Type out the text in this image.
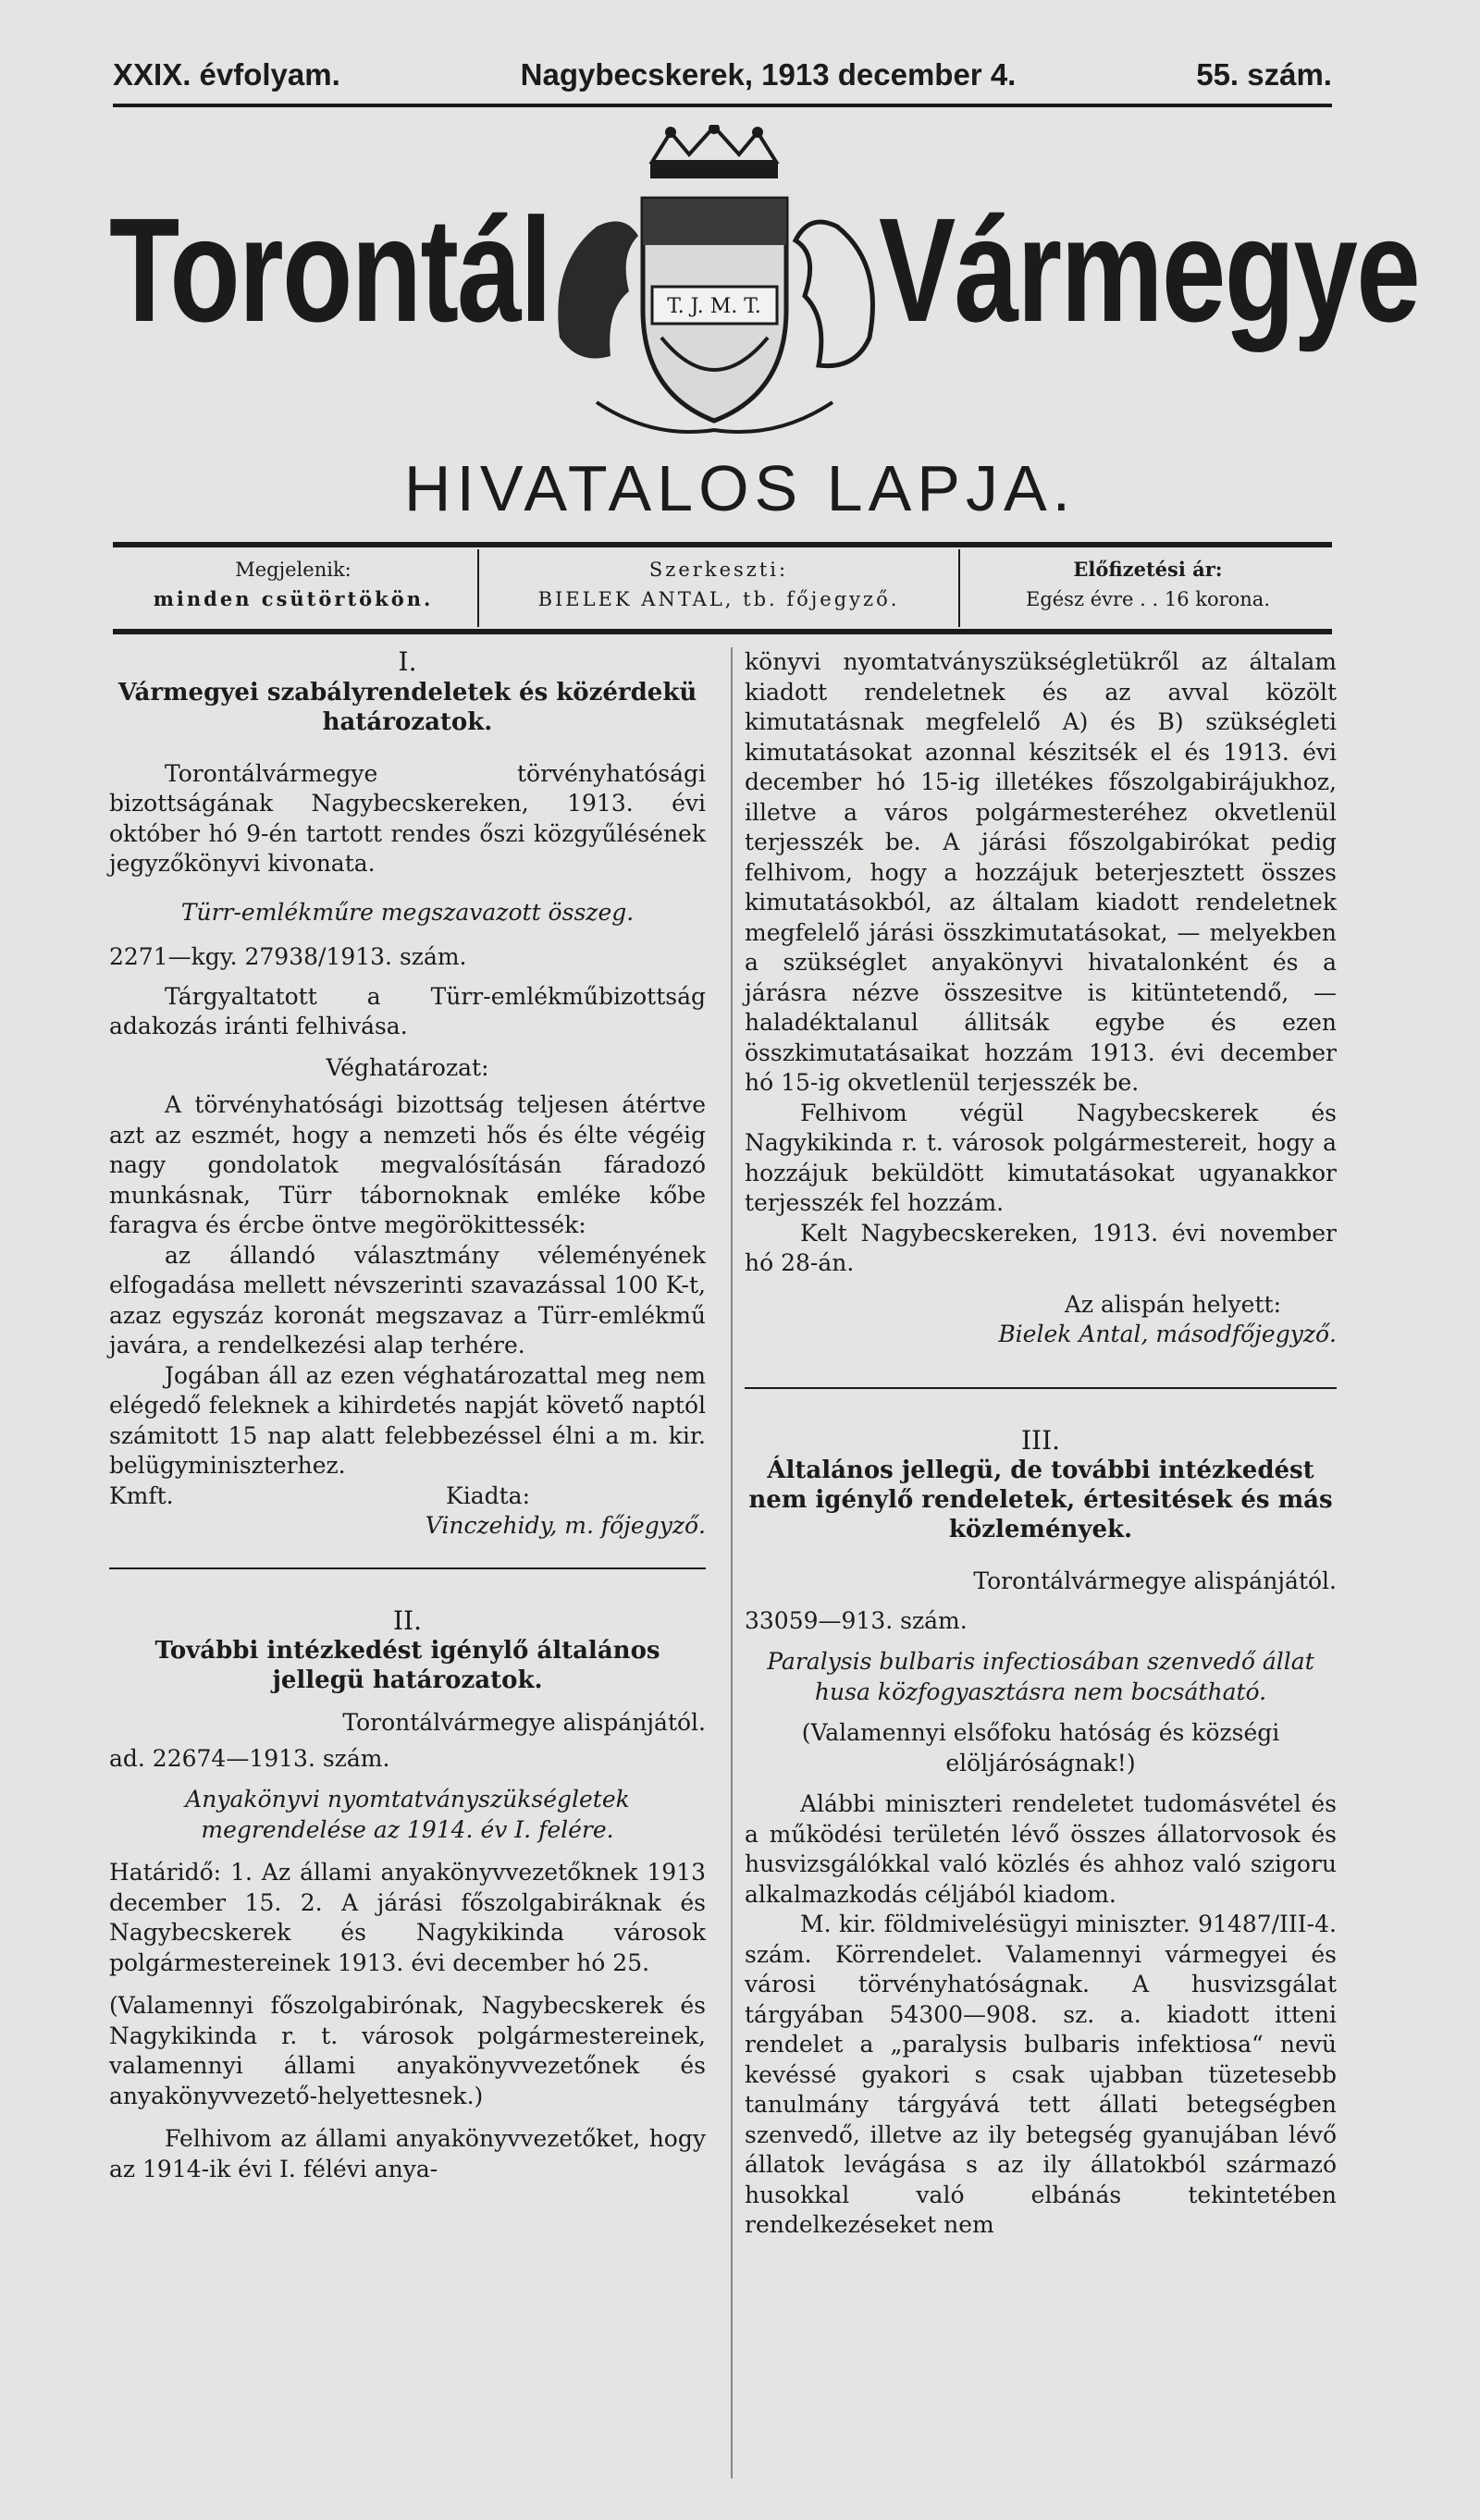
XXIX. évfolyam.	Nagybecskerek, 1913 december 4.	55. szám.
Torontál Vármegye
T. J. M. T.
HIVATALOS LAPJA.
Megjelenik:
minden csütörtökön.
Szerkeszti:
BIELEK ANTAL, tb. főjegyző.
Előfizetési ár:
Egész évre . . 16 korona.

I.

Vármegyei szabályrendeletek és közérdekü határozatok.

Torontálvármegye törvényhatósági bizottságának Nagybecskereken, 1913. évi október hó 9-én tartott rendes őszi közgyűlésének jegyzőkönyvi kivonata.

Türr-emlékműre megszavazott összeg.

2271—kgy. 27938/1913. szám.

Tárgyaltatott a Türr-emlékműbizottság adakozás iránti felhivása.

Véghatározat:

A törvényhatósági bizottság teljesen átértve azt az eszmét, hogy a nemzeti hős és élte végéig nagy gondolatok megvalósításán fáradozó munkásnak, Türr tábornoknak emléke kőbe faragva és ércbe öntve megörökittessék:

az állandó választmány véleményének elfogadása mellett névszerinti szavazással 100 K-t, azaz egyszáz koronát megszavaz a Türr-emlékmű javára, a rendelkezési alap terhére.

Jogában áll az ezen véghatározattal meg nem elégedő feleknek a kihirdetés napját követő naptól számitott 15 nap alatt felebbezéssel élni a m. kir. belügyminiszterhez.

Kmft.	Kiadta:

Vinczehidy, m. főjegyző.

II.

További intézkedést igénylő általános jellegü határozatok.

Torontálvármegye alispánjától.

ad. 22674—1913. szám.

Anyakönyvi nyomtatványszükségletek megrendelése az 1914. év I. felére.

Határidő: 1. Az állami anyakönyvvezetőknek 1913 december 15. 2. A járási főszolgabiráknak és Nagybecskerek és Nagykikinda városok polgármestereinek 1913. évi december hó 25.

(Valamennyi főszolgabirónak, Nagybecskerek és Nagykikinda r. t. városok polgármestereinek, valamennyi állami anyakönyvvezetőnek és anyakönyvvezető-helyettesnek.)

Felhivom az állami anyakönyvvezetőket, hogy az 1914-ik évi I. félévi anya-

könyvi nyomtatványszükségletükről az általam kiadott rendeletnek és az avval közölt kimutatásnak megfelelő A) és B) szükségleti kimutatásokat azonnal készitsék el és 1913. évi december hó 15-ig illetékes főszolgabirájukhoz, illetve a város polgármesteréhez okvetlenül terjesszék be. A járási főszolgabirókat pedig felhivom, hogy a hozzájuk beterjesztett összes kimutatásokból, az általam kiadott rendeletnek megfelelő járási összkimutatásokat, — melyekben a szükséglet anyakönyvi hivatalonként és a járásra nézve összesitve is kitüntetendő, — haladéktalanul állitsák egybe és ezen összkimutatásaikat hozzám 1913. évi december hó 15-ig okvetlenül terjesszék be.

Felhivom végül Nagybecskerek és Nagykikinda r. t. városok polgármestereit, hogy a hozzájuk beküldött kimutatásokat ugyanakkor terjesszék fel hozzám.

Kelt Nagybecskereken, 1913. évi november hó 28-án.

Az alispán helyett:

Bielek Antal, másodfőjegyző.

III.

Általános jellegü, de további intézkedést nem igénylő rendeletek, értesitések és más közlemények.

Torontálvármegye alispánjától.

33059—913. szám.

Paralysis bulbaris infectiosában szenvedő állat husa közfogyasztásra nem bocsátható.

(Valamennyi elsőfoku hatóság és községi elöljáróságnak!)

Alábbi miniszteri rendeletet tudomásvétel és a működési területén lévő összes állatorvosok és husvizsgálókkal való közlés és ahhoz való szigoru alkalmazkodás céljából kiadom.

M. kir. földmivelésügyi miniszter. 91487/III-4. szám. Körrendelet. Valamennyi vármegyei és városi törvényhatóságnak. A husvizsgálat tárgyában 54300—908. sz. a. kiadott itteni rendelet a „paralysis bulbaris infektiosa“ nevü kevéssé gyakori s csak ujabban tüzetesebb tanulmány tárgyává tett állati betegségben szenvedő, illetve az ily betegség gyanujában lévő állatok levágása s az ily állatokból származó husokkal való elbánás tekintetében rendelkezéseket nem
